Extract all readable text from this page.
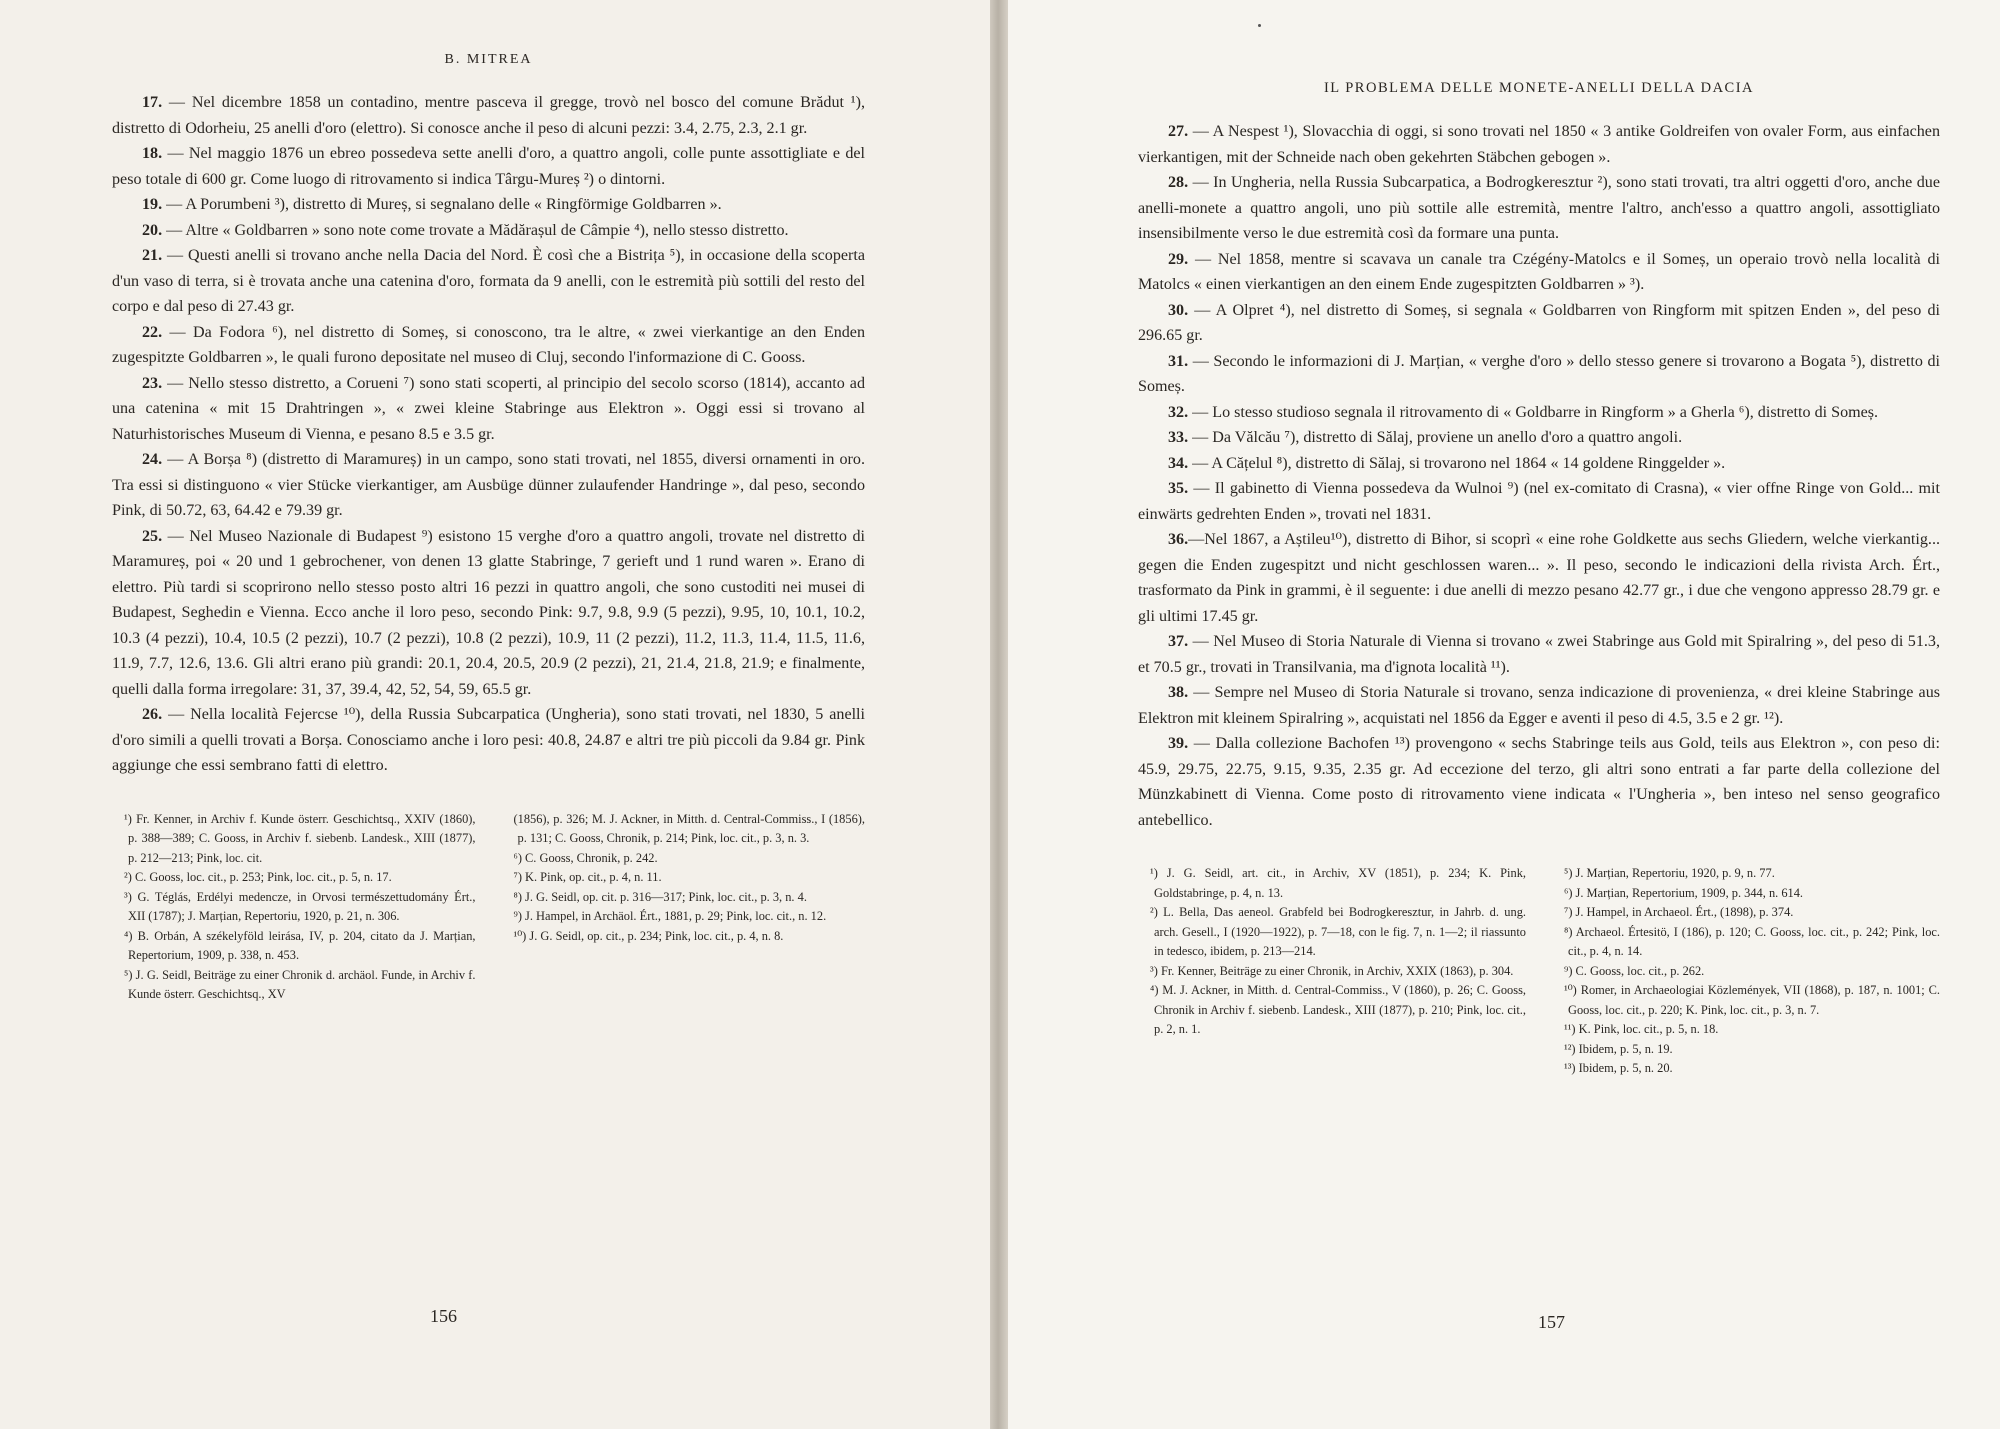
B. MITREA

17. — Nel dicembre 1858 un contadino, mentre pasceva il gregge, trovò nel bosco del comune Brădut ¹), distretto di Odorheiu, 25 anelli d'oro (elettro). Si conosce anche il peso di alcuni pezzi: 3.4, 2.75, 2.3, 2.1 gr.

18. — Nel maggio 1876 un ebreo possedeva sette anelli d'oro, a quattro angoli, colle punte assottigliate e del peso totale di 600 gr. Come luogo di ritrovamento si indica Târgu-Mureș ²) o dintorni.

19. — A Porumbeni ³), distretto di Mureș, si segnalano delle « Ringförmige Goldbarren ».

20. — Altre « Goldbarren » sono note come trovate a Mădărașul de Câmpie ⁴), nello stesso distretto.

21. — Questi anelli si trovano anche nella Dacia del Nord. È così che a Bistrița ⁵), in occasione della scoperta d'un vaso di terra, si è trovata anche una catenina d'oro, formata da 9 anelli, con le estremità più sottili del resto del corpo e dal peso di 27.43 gr.

22. — Da Fodora ⁶), nel distretto di Someș, si conoscono, tra le altre, « zwei vierkantige an den Enden zugespitzte Goldbarren », le quali furono depositate nel museo di Cluj, secondo l'informazione di C. Gooss.

23. — Nello stesso distretto, a Corueni ⁷) sono stati scoperti, al principio del secolo scorso (1814), accanto ad una catenina « mit 15 Drahtringen », « zwei kleine Stabringe aus Elektron ». Oggi essi si trovano al Naturhistorisches Museum di Vienna, e pesano 8.5 e 3.5 gr.

24. — A Borșa ⁸) (distretto di Maramureș) in un campo, sono stati trovati, nel 1855, diversi ornamenti in oro. Tra essi si distinguono « vier Stücke vierkantiger, am Ausbüge dünner zulaufender Handringe », dal peso, secondo Pink, di 50.72, 63, 64.42 e 79.39 gr.

25. — Nel Museo Nazionale di Budapest ⁹) esistono 15 verghe d'oro a quattro angoli, trovate nel distretto di Maramureș, poi « 20 und 1 gebrochener, von denen 13 glatte Stabringe, 7 gerieft und 1 rund waren ». Erano di elettro. Più tardi si scoprirono nello stesso posto altri 16 pezzi in quattro angoli, che sono custoditi nei musei di Budapest, Seghedin e Vienna. Ecco anche il loro peso, secondo Pink: 9.7, 9.8, 9.9 (5 pezzi), 9.95, 10, 10.1, 10.2, 10.3 (4 pezzi), 10.4, 10.5 (2 pezzi), 10.7 (2 pezzi), 10.8 (2 pezzi), 10.9, 11 (2 pezzi), 11.2, 11.3, 11.4, 11.5, 11.6, 11.9, 7.7, 12.6, 13.6. Gli altri erano più grandi: 20.1, 20.4, 20.5, 20.9 (2 pezzi), 21, 21.4, 21.8, 21.9; e finalmente, quelli dalla forma irregolare: 31, 37, 39.4, 42, 52, 54, 59, 65.5 gr.

26. — Nella località Fejercse ¹⁰), della Russia Subcarpatica (Ungheria), sono stati trovati, nel 1830, 5 anelli d'oro simili a quelli trovati a Borșa. Conosciamo anche i loro pesi: 40.8, 24.87 e altri tre più piccoli da 9.84 gr. Pink aggiunge che essi sembrano fatti di elettro.

¹) Fr. Kenner, in Archiv f. Kunde österr. Geschichtsq., XXIV (1860), p. 388—389; C. Gooss, in Archiv f. siebenb. Landesk., XIII (1877), p. 212—213; Pink, loc. cit.

²) C. Gooss, loc. cit., p. 253; Pink, loc. cit., p. 5, n. 17.

³) G. Téglás, Erdélyi medencze, in Orvosi természettudomány Ért., XII (1787); J. Marțian, Repertoriu, 1920, p. 21, n. 306.

⁴) B. Orbán, A székelyföld leirása, IV, p. 204, citato da J. Marțian, Repertorium, 1909, p. 338, n. 453.

⁵) J. G. Seidl, Beiträge zu einer Chronik d. archäol. Funde, in Archiv f. Kunde österr. Geschichtsq., XV

(1856), p. 326; M. J. Ackner, in Mitth. d. Central-Commiss., I (1856), p. 131; C. Gooss, Chronik, p. 214; Pink, loc. cit., p. 3, n. 3.

⁶) C. Gooss, Chronik, p. 242.

⁷) K. Pink, op. cit., p. 4, n. 11.

⁸) J. G. Seidl, op. cit. p. 316—317; Pink, loc. cit., p. 3, n. 4.

⁹) J. Hampel, in Archäol. Ért., 1881, p. 29; Pink, loc. cit., n. 12.

¹⁰) J. G. Seidl, op. cit., p. 234; Pink, loc. cit., p. 4, n. 8.

156
IL PROBLEMA DELLE MONETE-ANELLI DELLA DACIA

27. — A Nespest ¹), Slovacchia di oggi, si sono trovati nel 1850 « 3 antike Goldreifen von ovaler Form, aus einfachen vierkantigen, mit der Schneide nach oben gekehrten Stäbchen gebogen ».

28. — In Ungheria, nella Russia Subcarpatica, a Bodrogkeresztur ²), sono stati trovati, tra altri oggetti d'oro, anche due anelli-monete a quattro angoli, uno più sottile alle estremità, mentre l'altro, anch'esso a quattro angoli, assottigliato insensibilmente verso le due estremità così da formare una punta.

29. — Nel 1858, mentre si scavava un canale tra Czégény-Matolcs e il Someș, un operaio trovò nella località di Matolcs « einen vierkantigen an den einem Ende zugespitzten Goldbarren » ³).

30. — A Olpret ⁴), nel distretto di Someș, si segnala « Goldbarren von Ringform mit spitzen Enden », del peso di 296.65 gr.

31. — Secondo le informazioni di J. Marțian, « verghe d'oro » dello stesso genere si trovarono a Bogata ⁵), distretto di Someș.

32. — Lo stesso studioso segnala il ritrovamento di « Goldbarre in Ringform » a Gherla ⁶), distretto di Someș.

33. — Da Vălcău ⁷), distretto di Sălaj, proviene un anello d'oro a quattro angoli.

34. — A Cățelul ⁸), distretto di Sălaj, si trovarono nel 1864 « 14 goldene Ringgelder ».

35. — Il gabinetto di Vienna possedeva da Wulnoi ⁹) (nel ex-comitato di Crasna), « vier offne Ringe von Gold... mit einwärts gedrehten Enden », trovati nel 1831.

36.—Nel 1867, a Aștileu¹⁰), distretto di Bihor, si scoprì « eine rohe Goldkette aus sechs Gliedern, welche vierkantig... gegen die Enden zugespitzt und nicht geschlossen waren... ». Il peso, secondo le indicazioni della rivista Arch. Ért., trasformato da Pink in grammi, è il seguente: i due anelli di mezzo pesano 42.77 gr., i due che vengono appresso 28.79 gr. e gli ultimi 17.45 gr.

37. — Nel Museo di Storia Naturale di Vienna si trovano « zwei Stabringe aus Gold mit Spiralring », del peso di 51.3, et 70.5 gr., trovati in Transilvania, ma d'ignota località ¹¹).

38. — Sempre nel Museo di Storia Naturale si trovano, senza indicazione di provenienza, « drei kleine Stabringe aus Elektron mit kleinem Spiralring », acquistati nel 1856 da Egger e aventi il peso di 4.5, 3.5 e 2 gr. ¹²).

39. — Dalla collezione Bachofen ¹³) provengono « sechs Stabringe teils aus Gold, teils aus Elektron », con peso di: 45.9, 29.75, 22.75, 9.15, 9.35, 2.35 gr. Ad eccezione del terzo, gli altri sono entrati a far parte della collezione del Münzkabinett di Vienna. Come posto di ritrovamento viene indicata « l'Ungheria », ben inteso nel senso geografico antebellico.

¹) J. G. Seidl, art. cit., in Archiv, XV (1851), p. 234; K. Pink, Goldstabringe, p. 4, n. 13.

²) L. Bella, Das aeneol. Grabfeld bei Bodrogkeresztur, in Jahrb. d. ung. arch. Gesell., I (1920—1922), p. 7—18, con le fig. 7, n. 1—2; il riassunto in tedesco, ibidem, p. 213—214.

³) Fr. Kenner, Beiträge zu einer Chronik, in Archiv, XXIX (1863), p. 304.

⁴) M. J. Ackner, in Mitth. d. Central-Commiss., V (1860), p. 26; C. Gooss, Chronik in Archiv f. siebenb. Landesk., XIII (1877), p. 210; Pink, loc. cit., p. 2, n. 1.

⁵) J. Marțian, Repertoriu, 1920, p. 9, n. 77.

⁶) J. Marțian, Repertorium, 1909, p. 344, n. 614.

⁷) J. Hampel, in Archaeol. Ért., (1898), p. 374.

⁸) Archaeol. Értesitö, I (186), p. 120; C. Gooss, loc. cit., p. 242; Pink, loc. cit., p. 4, n. 14.

⁹) C. Gooss, loc. cit., p. 262.

¹⁰) Romer, in Archaeologiai Közlemények, VII (1868), p. 187, n. 1001; C. Gooss, loc. cit., p. 220; K. Pink, loc. cit., p. 3, n. 7.

¹¹) K. Pink, loc. cit., p. 5, n. 18.

¹²) Ibidem, p. 5, n. 19.

¹³) Ibidem, p. 5, n. 20.

157
